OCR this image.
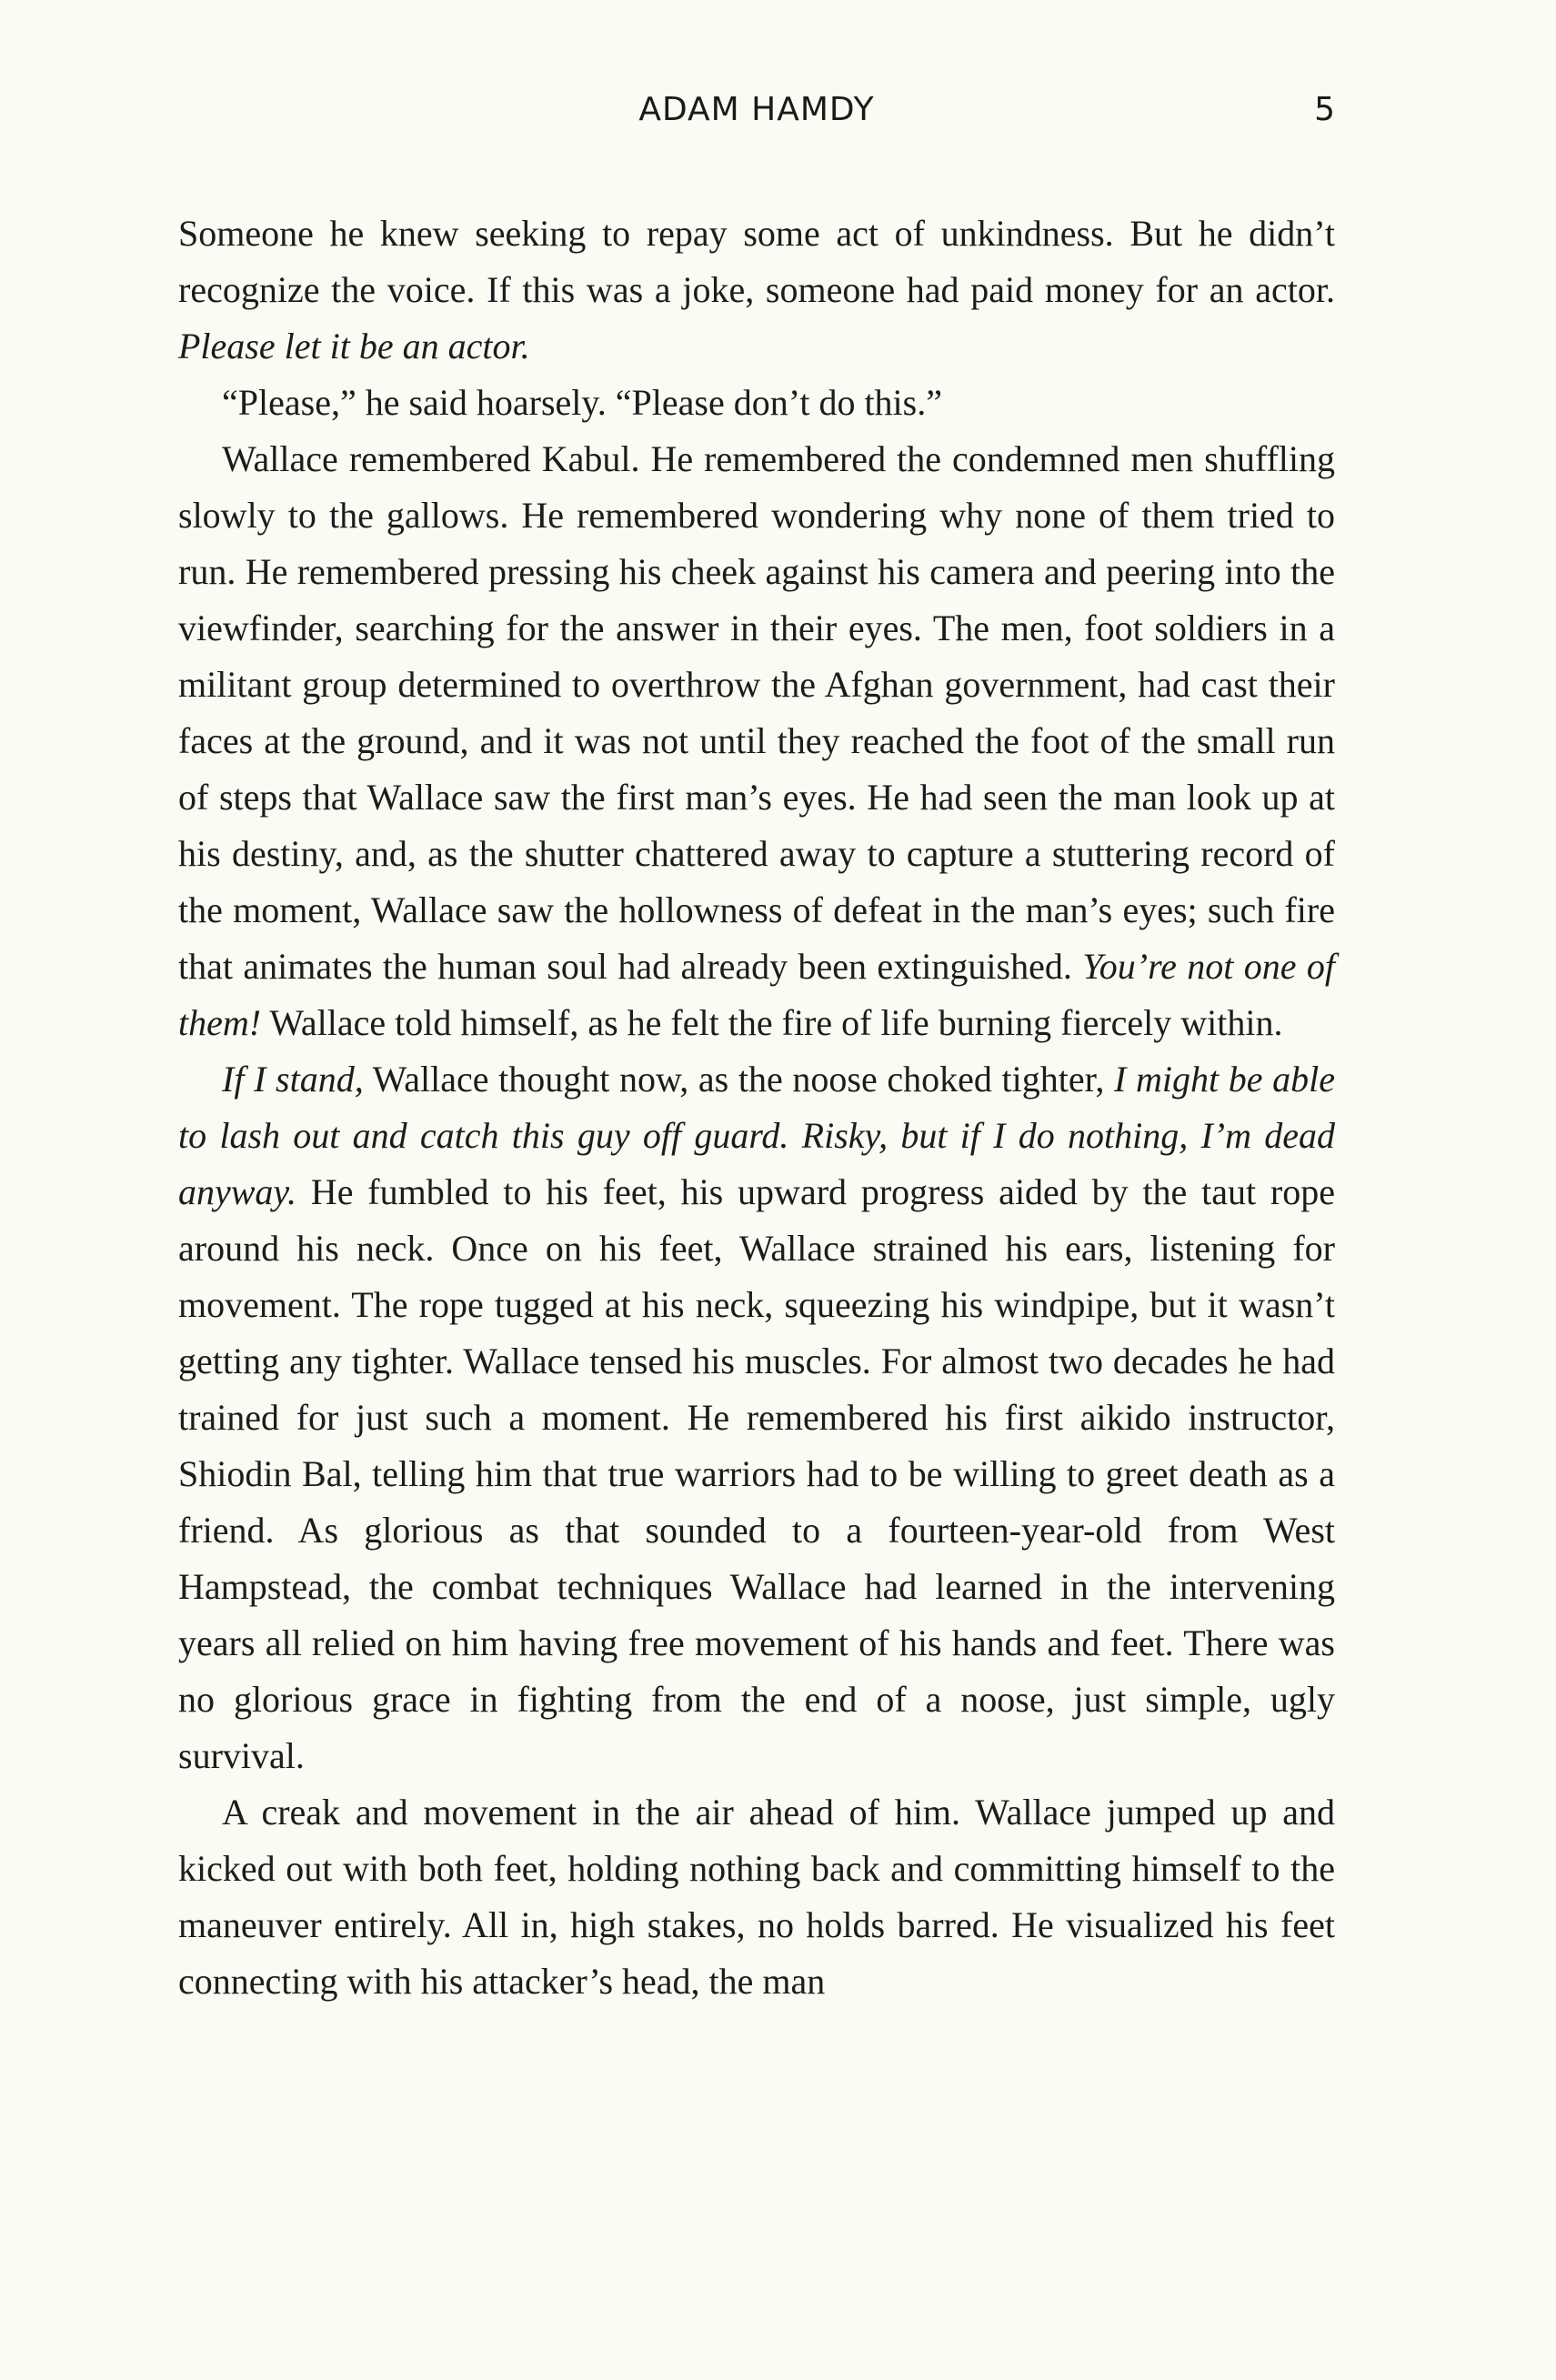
ADAM HAMDY	5

Someone he knew seeking to repay some act of unkindness. But he didn’t recognize the voice. If this was a joke, someone had paid money for an actor. Please let it be an actor.

“Please,” he said hoarsely. “Please don’t do this.”

Wallace remembered Kabul. He remembered the condemned men shuffling slowly to the gallows. He remembered wondering why none of them tried to run. He remembered pressing his cheek against his camera and peering into the viewfinder, searching for the answer in their eyes. The men, foot soldiers in a militant group determined to overthrow the Afghan government, had cast their faces at the ground, and it was not until they reached the foot of the small run of steps that Wallace saw the first man’s eyes. He had seen the man look up at his destiny, and, as the shutter chattered away to capture a stuttering record of the moment, Wallace saw the hollowness of defeat in the man’s eyes; such fire that animates the human soul had already been extinguished. You’re not one of them! Wallace told himself, as he felt the fire of life burning fiercely within.

If I stand, Wallace thought now, as the noose choked tighter, I might be able to lash out and catch this guy off guard. Risky, but if I do nothing, I’m dead anyway. He fumbled to his feet, his upward progress aided by the taut rope around his neck. Once on his feet, Wallace strained his ears, listening for movement. The rope tugged at his neck, squeezing his windpipe, but it wasn’t getting any tighter. Wallace tensed his muscles. For almost two decades he had trained for just such a moment. He remembered his first aikido instructor, Shiodin Bal, telling him that true warriors had to be willing to greet death as a friend. As glorious as that sounded to a fourteen-year-old from West Hampstead, the combat techniques Wallace had learned in the intervening years all relied on him having free movement of his hands and feet. There was no glorious grace in fighting from the end of a noose, just simple, ugly survival.

A creak and movement in the air ahead of him. Wallace jumped up and kicked out with both feet, holding nothing back and committing himself to the maneuver entirely. All in, high stakes, no holds barred. He visualized his feet connecting with his attacker’s head, the man
